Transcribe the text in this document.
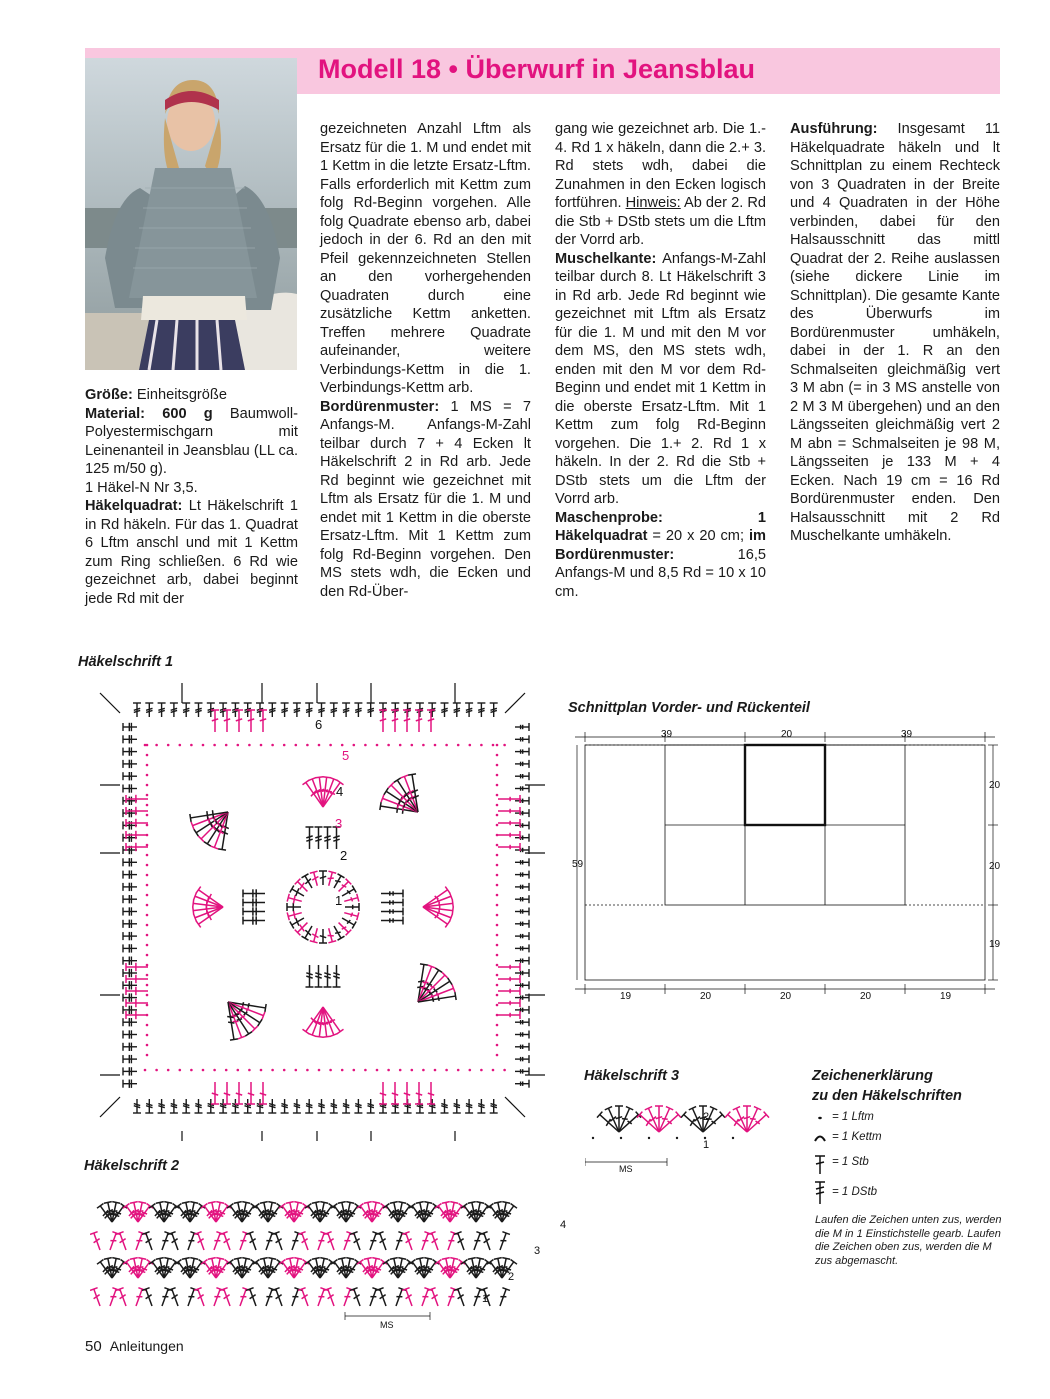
Modell 18 • Überwurf in Jeansblau

Größe: Einheitsgröße

Material: 600 g Baumwoll-Polyestermischgarn mit Leinenanteil in Jeansblau (LL ca. 125 m/50 g).

1 Häkel-N Nr 3,5.

Häkelquadrat: Lt Häkelschrift 1 in Rd häkeln. Für das 1. Quadrat 6 Lftm anschl und mit 1 Kettm zum Ring schließen. 6 Rd wie gezeichnet arb, dabei beginnt jede Rd mit der

gezeichneten Anzahl Lftm als Ersatz für die 1. M und endet mit 1 Kettm in die letzte Ersatz-Lftm. Falls erforderlich mit Kettm zum folg Rd-Beginn vorgehen. Alle folg Quadrate ebenso arb, dabei jedoch in der 6. Rd an den mit Pfeil gekennzeichneten Stellen an den vorhergehenden Quadraten durch eine zusätzliche Kettm anketten. Treffen mehrere Quadrate aufeinander, weitere Verbindungs-Kettm in die 1. Verbindungs-Kettm arb.

Bordürenmuster: 1 MS = 7 Anfangs-M. Anfangs-M-Zahl teilbar durch 7 + 4 Ecken lt Häkelschrift 2 in Rd arb. Jede Rd beginnt wie gezeichnet mit Lftm als Ersatz für die 1. M und endet mit 1 Kettm in die oberste Ersatz-Lftm. Mit 1 Kettm zum folg Rd-Beginn vorgehen. Den MS stets wdh, die Ecken und den Rd-Über-

gang wie gezeichnet arb. Die 1.- 4. Rd 1 x häkeln, dann die 2.+ 3. Rd stets wdh, dabei die Zunahmen in den Ecken logisch fortführen. Hinweis: Ab der 2. Rd die Stb + DStb stets um die Lftm der Vorrd arb.

Muschelkante: Anfangs-M-Zahl teilbar durch 8. Lt Häkelschrift 3 in Rd arb. Jede Rd beginnt wie gezeichnet mit Lftm als Ersatz für die 1. M und mit den M vor dem MS, den MS stets wdh, enden mit den M vor dem Rd-Beginn und endet mit 1 Kettm in die oberste Ersatz-Lftm. Mit 1 Kettm zum folg Rd-Beginn vorgehen. Die 1.+ 2. Rd 1 x häkeln. In der 2. Rd die Stb + DStb stets um die Lftm der Vorrd arb.

Maschenprobe: 1 Häkelquadrat = 20 x 20 cm; im Bordürenmuster: 16,5 Anfangs-M und 8,5 Rd = 10 x 10 cm.

Ausführung: Insgesamt 11 Häkelquadrate häkeln und lt Schnittplan zu einem Rechteck von 3 Quadraten in der Breite und 4 Quadraten in der Höhe verbinden, dabei für den Halsausschnitt das mittl Quadrat der 2. Reihe auslassen (siehe dickere Linie im Schnittplan). Die gesamte Kante des Überwurfs im Bordürenmuster umhäkeln, dabei in der 1. R an den Schmalseiten gleichmäßig vert 3 M abn (= in 3 MS anstelle von 2 M 3 M übergehen) und an den Längsseiten gleichmäßig vert 2 M abn = Schmalseiten je 98 M, Längsseiten je 133 M + 4 Ecken. Nach 19 cm = 16 Rd Bordürenmuster enden. Den Halsausschnitt mit 2 Rd Muschelkante umhäkeln.

Häkelschrift 1
2
3
4
5
6
1
Schnittplan Vorder- und Rückenteil
39	20	39
20
20
19
59
19	20	20	20	19
Häkelschrift 3
2
1
MS
Zeichenerklärung
zu den Häkelschriften
= 1 Lftm
= 1 Kettm
= 1 Stb
= 1 DStb
Laufen die Zeichen unten zus, werden die M in 1 Einstichstelle gearb. Laufen die Zeichen oben zus, werden die M zus abgemascht.
Häkelschrift 2
1
2
3
4
MS
50 Anleitungen
